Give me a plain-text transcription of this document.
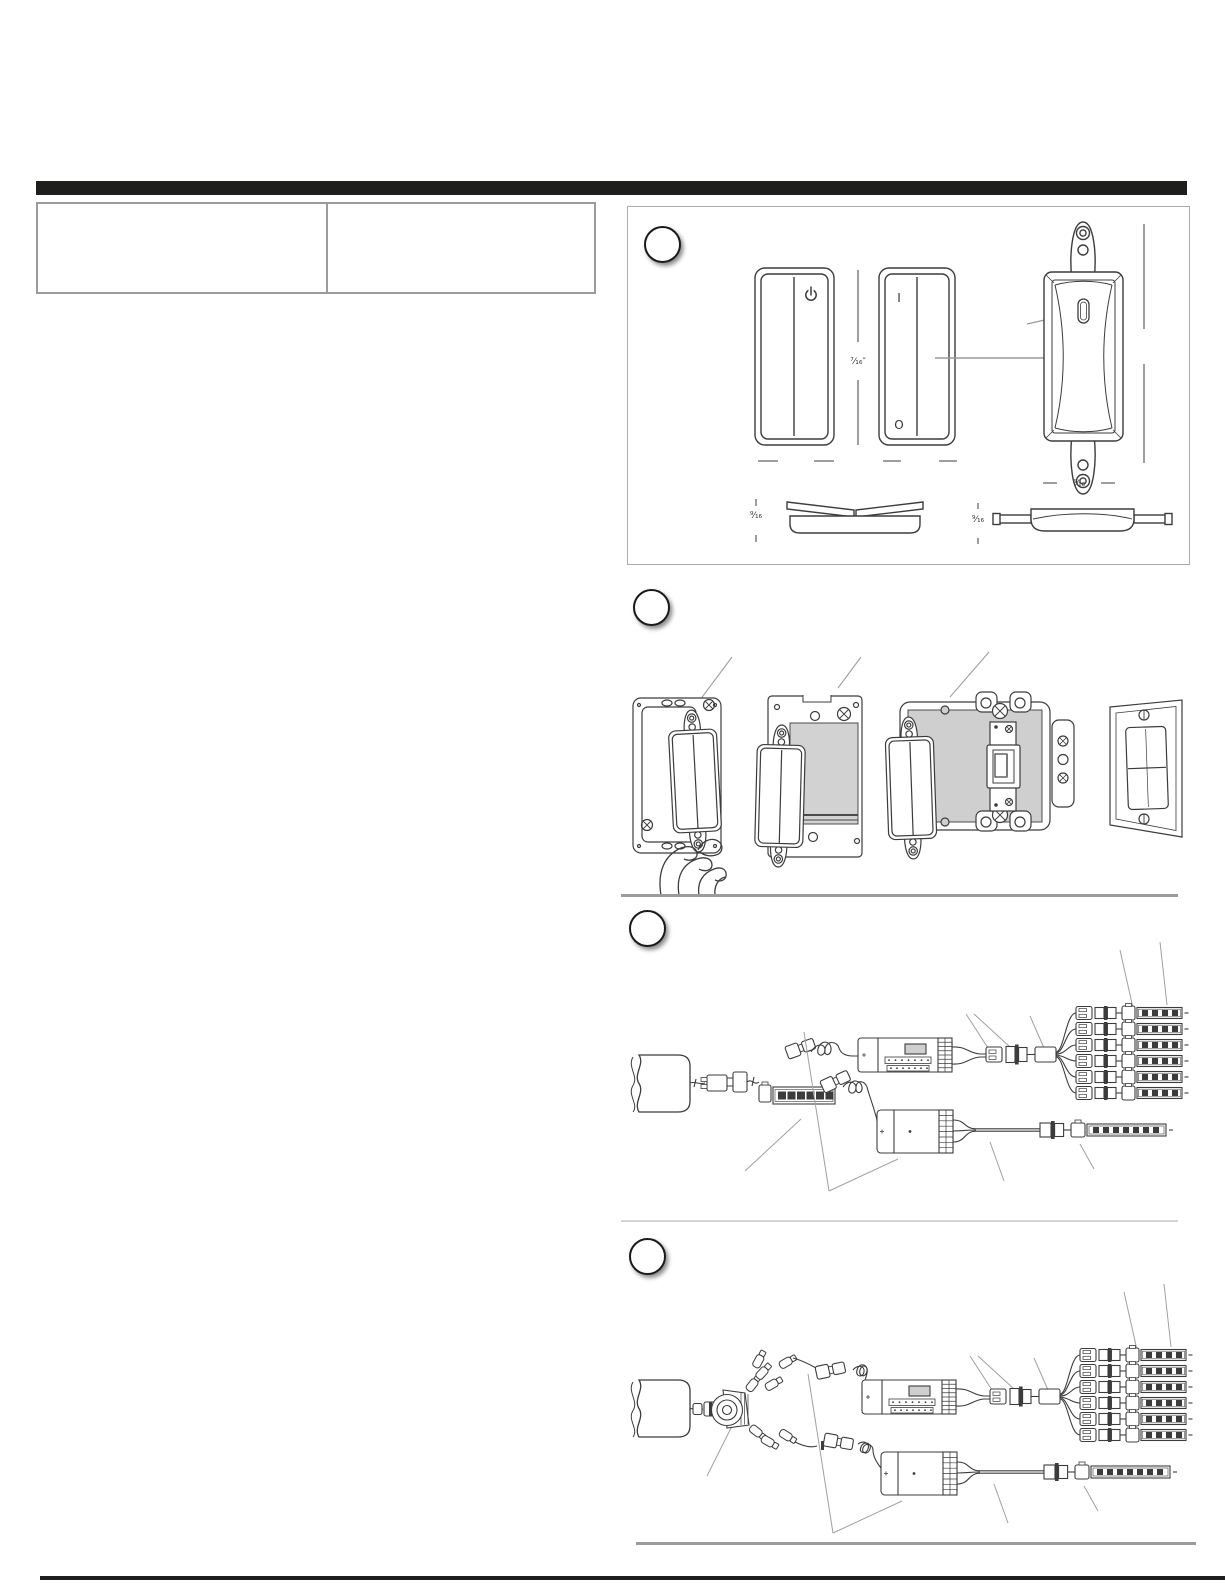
⁷⁄₁₆″
I
O
⁵⁄₁₆
⁹⁄₁₆	⁹⁄₁₆
